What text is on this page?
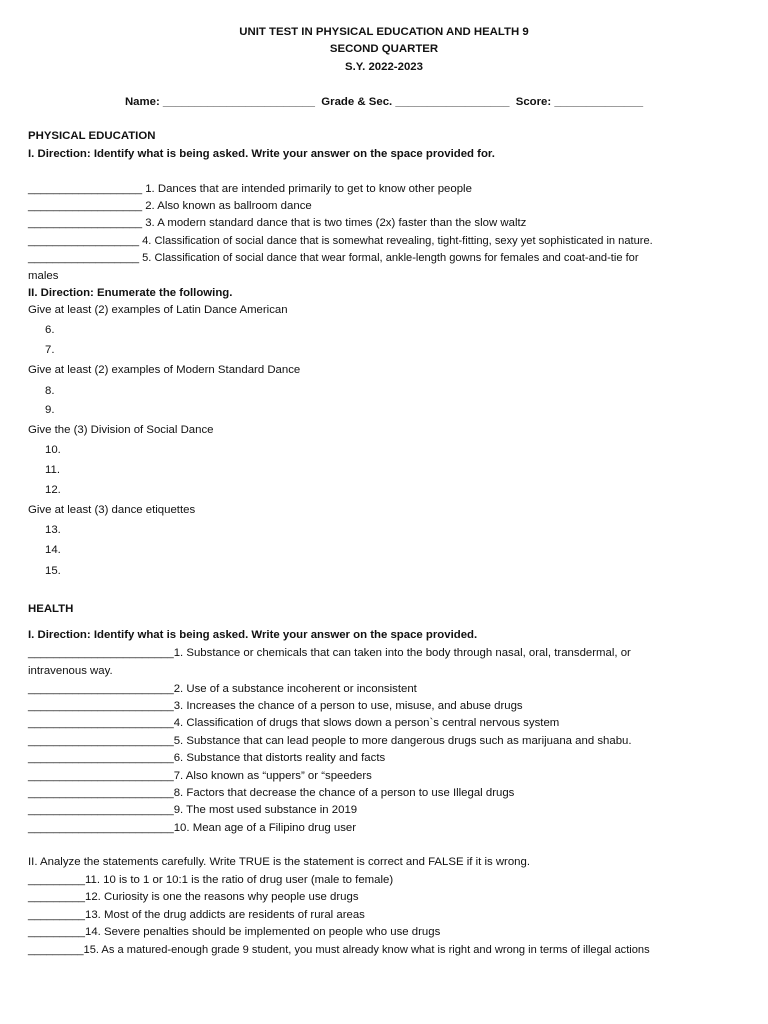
UNIT TEST IN PHYSICAL EDUCATION AND HEALTH 9
SECOND QUARTER
S.Y. 2022-2023
Name: ________________________  Grade & Sec. __________________  Score: ______________
PHYSICAL EDUCATION
I. Direction: Identify what is being asked. Write your answer on the space provided for.
__________________ 1. Dances that are intended primarily to get to know other people
__________________ 2. Also known as ballroom dance
__________________ 3. A modern standard dance that is two times (2x) faster than the slow waltz
__________________ 4. Classification of social dance that is somewhat revealing, tight-fitting, sexy yet sophisticated in nature.
__________________ 5. Classification of social dance that wear formal, ankle-length gowns for females and coat-and-tie for
males
II. Direction: Enumerate the following.
Give at least (2) examples of Latin Dance American
6.
7.
Give at least (2) examples of Modern Standard Dance
8.
9.
Give the (3) Division of Social Dance
10.
11.
12.
Give at least (3) dance etiquettes
13.
14.
15.
HEALTH
I. Direction: Identify what is being asked. Write your answer on the space provided.
_______________________1. Substance or chemicals that can taken into the body through nasal, oral, transdermal, or
intravenous way.
_______________________2. Use of a substance incoherent or inconsistent
_______________________3. Increases the chance of a person to use, misuse, and abuse drugs
_______________________4. Classification of drugs that slows down a person`s central nervous system
_______________________5. Substance that can lead people to more dangerous drugs such as marijuana and shabu.
_______________________6. Substance that distorts reality and facts
_______________________7. Also known as “uppers” or “speeders
_______________________8. Factors that decrease the chance of a person to use Illegal drugs
_______________________9. The most used substance in 2019
_______________________10. Mean age of a Filipino drug user
II. Analyze the statements carefully. Write TRUE is the statement is correct and FALSE if it is wrong.
_________11. 10 is to 1 or 10:1 is the ratio of drug user (male to female)
_________12. Curiosity is one the reasons why people use drugs
_________13. Most of the drug addicts are residents of rural areas
_________14. Severe penalties should be implemented on people who use drugs
_________15. As a matured-enough grade 9 student, you must already know what is right and wrong in terms of illegal actions
